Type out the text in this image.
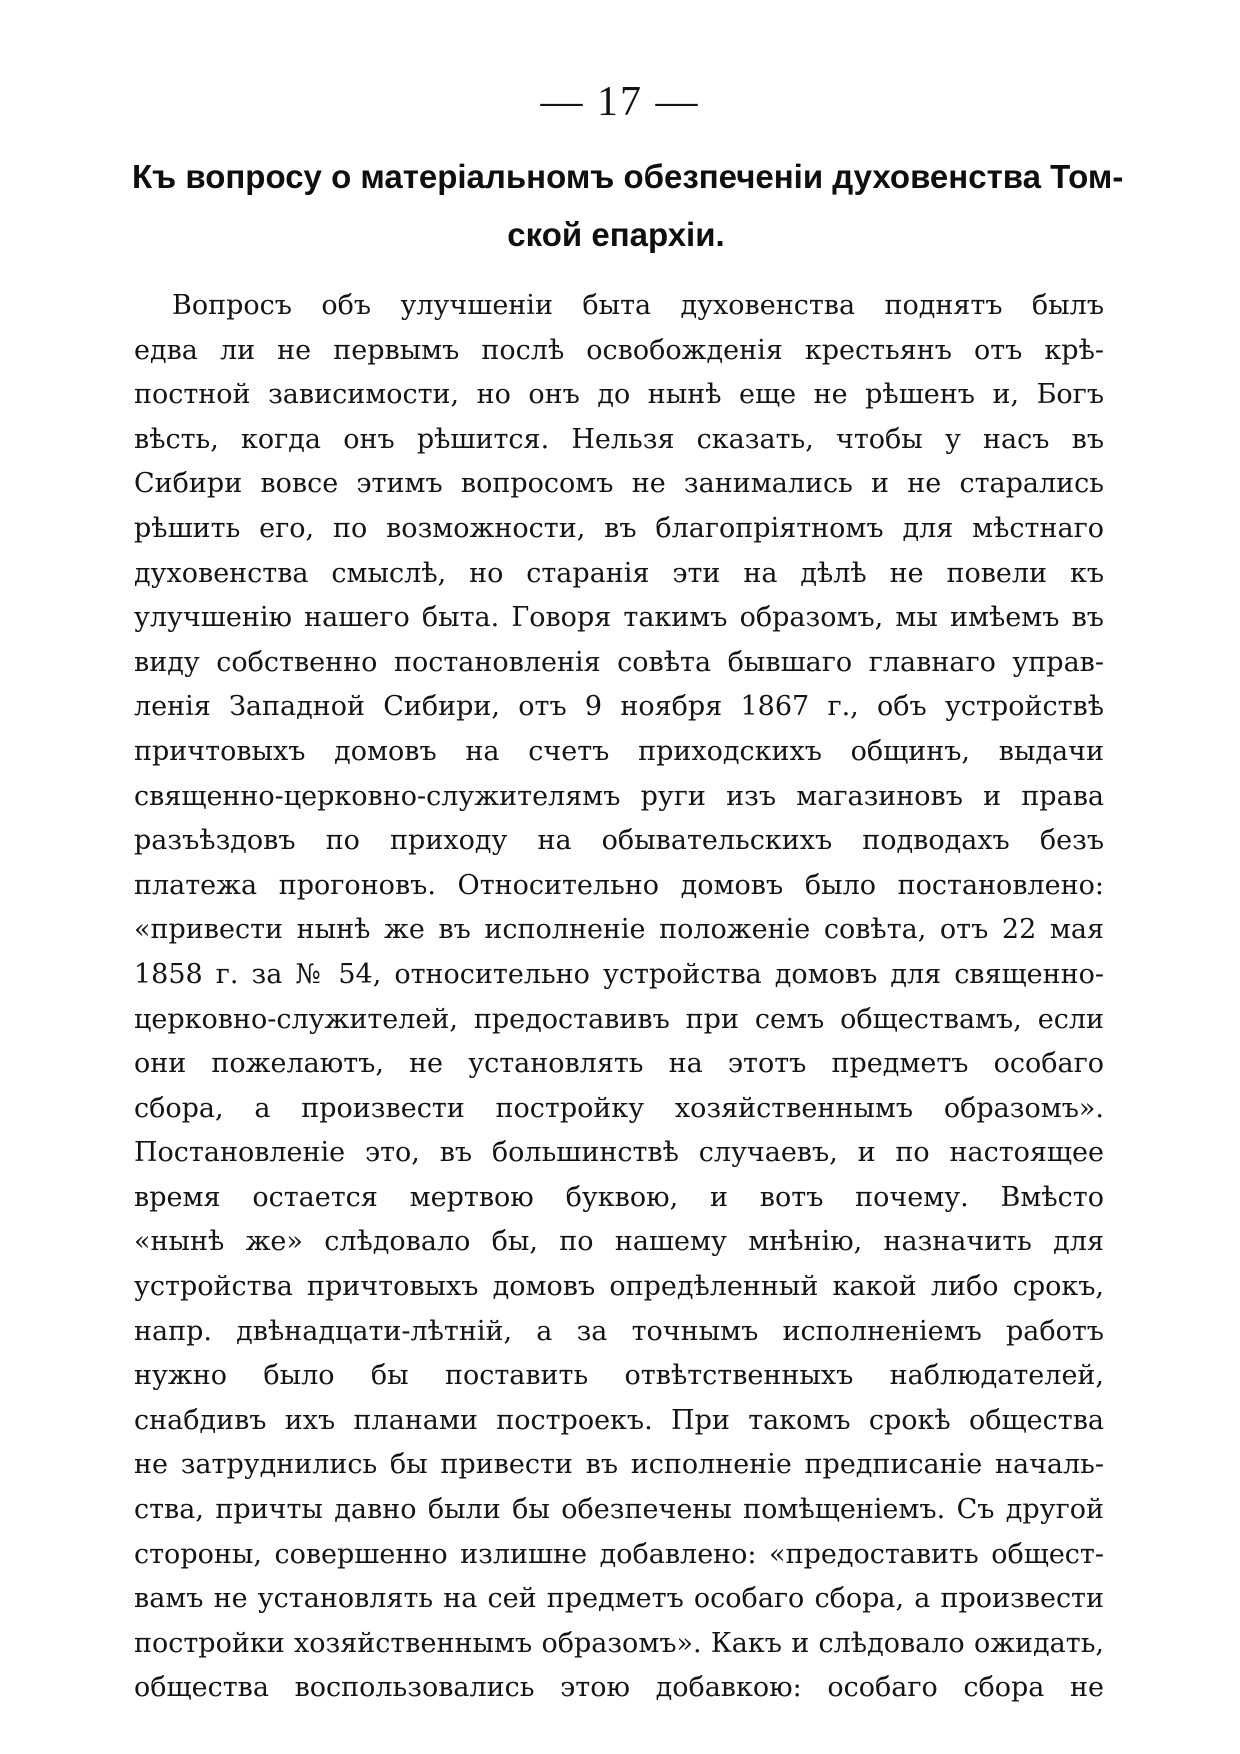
— 17 —
Къ вопросу о матеріальномъ обезпеченіи духовенства Том-
ской епархіи.
Вопросъ объ улучшеніи быта духовенства поднятъ былъ
едва ли не первымъ послѣ освобожденія крестьянъ отъ крѣ-
постной зависимости, но онъ до нынѣ еще не рѣшенъ и, Богъ
вѣсть, когда онъ рѣшится. Нельзя сказать, чтобы у насъ въ
Сибири вовсе этимъ вопросомъ не занимались и не старались
рѣшить его, по возможности, въ благопріятномъ для мѣстнаго
духовенства смыслѣ, но старанія эти на дѣлѣ не повели къ
улучшенію нашего быта. Говоря такимъ образомъ, мы имѣемъ въ
виду собственно постановленія совѣта бывшаго главнаго управ-
ленія Западной Сибири, отъ 9 ноября 1867 г., объ устройствѣ
причтовыхъ домовъ на счетъ приходскихъ общинъ, выдачи
священно-церковно-служителямъ руги изъ магазиновъ и права
разъѣздовъ по приходу на обывательскихъ подводахъ безъ
платежа прогоновъ. Относительно домовъ было постановлено:
«привести нынѣ же въ исполненіе положеніе совѣта, отъ 22 мая
1858 г. за № 54, относительно устройства домовъ для священно-
церковно-служителей, предоставивъ при семъ обществамъ, если
они пожелаютъ, не установлять на этотъ предметъ особаго
сбора, а произвести постройку хозяйственнымъ образомъ».
Постановленіе это, въ большинствѣ случаевъ, и по настоящее
время остается мертвою буквою, и вотъ почему. Вмѣсто
«нынѣ же» слѣдовало бы, по нашему мнѣнію, назначить для
устройства причтовыхъ домовъ опредѣленный какой либо срокъ,
напр. двѣнадцати-лѣтній, а за точнымъ исполненіемъ работъ
нужно было бы поставить отвѣтственныхъ наблюдателей,
снабдивъ ихъ планами построекъ. При такомъ срокѣ общества
не затруднились бы привести въ исполненіе предписаніе началь-
ства, причты давно были бы обезпечены помѣщеніемъ. Съ другой
стороны, совершенно излишне добавлено: «предоставить общест-
вамъ не установлять на сей предметъ особаго сбора, а произвести
постройки хозяйственнымъ образомъ». Какъ и слѣдовало ожидать,
общества воспользовались этою добавкою: особаго сбора не
